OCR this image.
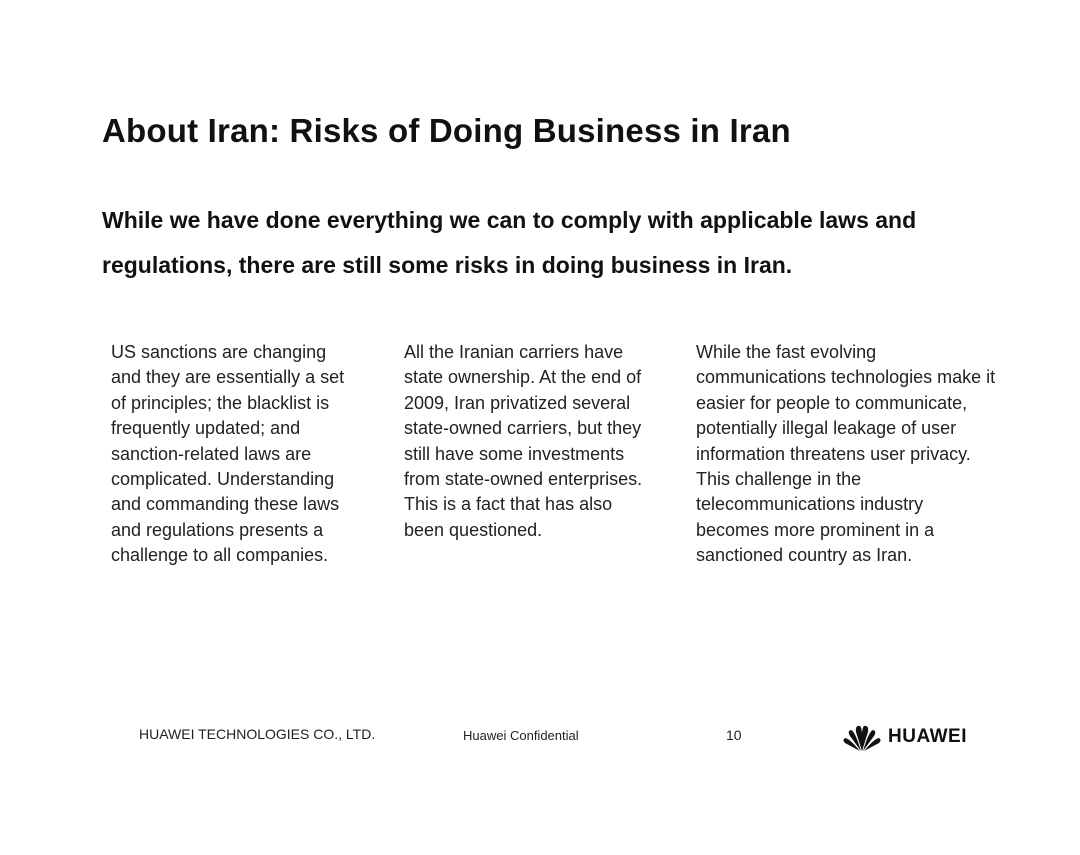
About Iran: Risks of Doing Business in Iran
While we have done everything we can to comply with applicable laws and regulations, there are still some risks in doing business in Iran.

US sanctions are changing and they are essentially a set of principles; the blacklist is frequently updated; and sanction-related laws are complicated. Understanding and commanding these laws and regulations presents a challenge to all companies.

All the Iranian carriers have state ownership. At the end of 2009, Iran privatized several state-owned carriers, but they still have some investments from state-owned enterprises. This is a fact that has also been questioned.

While the fast evolving communications technologies make it easier for people to communicate, potentially illegal leakage of user information threatens user privacy. This challenge in the telecommunications industry becomes more prominent in a sanctioned country as Iran.

HUAWEI TECHNOLOGIES CO., LTD.	Huawei Confidential	10	HUAWEI
